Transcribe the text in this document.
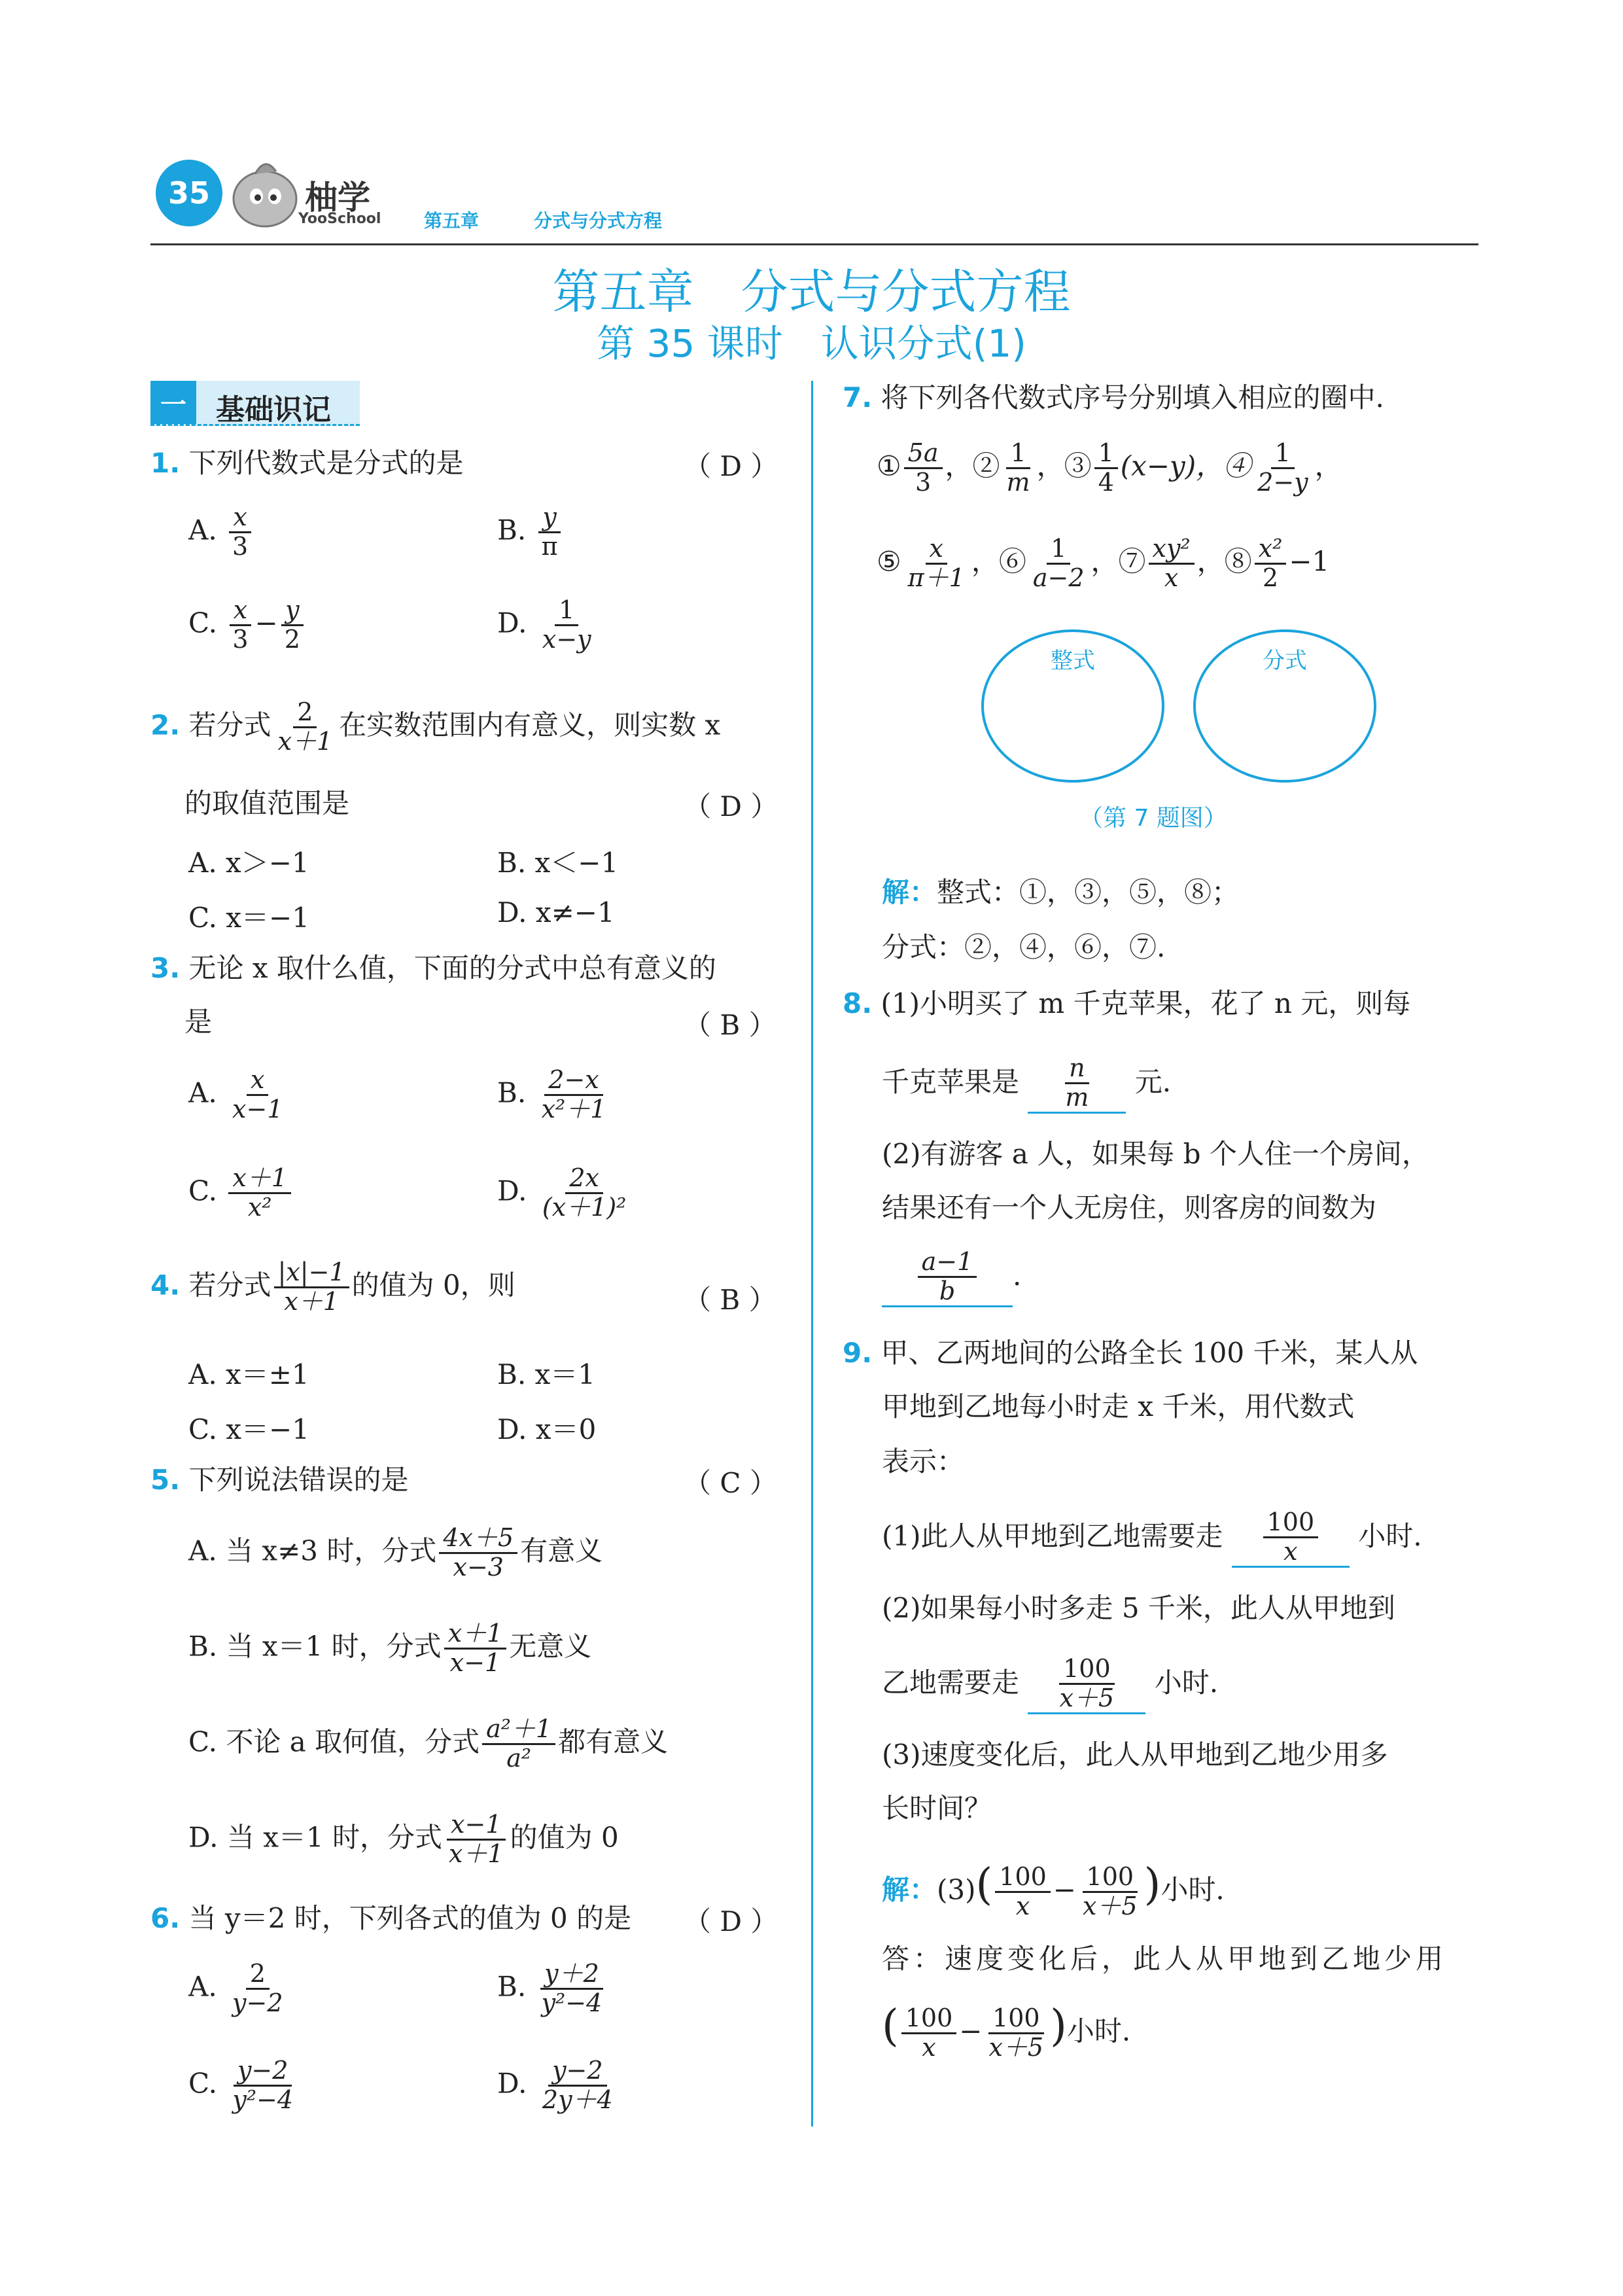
35	柚学
YooSchool 第五章	分式与分式方程
第五章　分式与分式方程
第 35 课时　认识分式(1)
一	基础识记
1. 下列代数式是分式的是	（ D ）
A. $\frac{x}{3}$	B. $\frac{y}{\pi}$
C. $\frac{x}{3} - \frac{y}{2}$	D. $\frac{1}{x-y}$
2. 若分式 $\frac{2}{x+1}$ 在实数范围内有意义，则实数 x
的取值范围是	（ D ）
A. x＞−1	B. x＜−1
C. x＝−1	D. x≠−1
3. 无论 x 取什么值，下面的分式中总有意义的
是	（ B ）
A. $\frac{x}{x-1}$	B. $\frac{2-x}{\text{x²＋1}}$
C. $\frac{x+1}{\text{x²}}$	D. $\frac{2x}{\text{(x＋1)²}}$
4. 若分式 $\frac{|x|-1}{x+1}$ 的值为 0，则	（ B ）
A. x＝±1	B. x＝1
C. x＝−1	D. x＝0
5. 下列说法错误的是	（ C ）
A. 当 x≠3 时，分式 $\frac{4x+5}{x-3}$ 有意义
B. 当 x＝1 时，分式 $\frac{x+1}{x-1}$ 无意义
C. 不论 a 取何值，分式 $\frac{\text{a²＋1}}{\text{a²}}$ 都有意义
D. 当 x＝1 时，分式 $\frac{x-1}{x+1}$ 的值为 0
6. 当 y＝2 时，下列各式的值为 0 的是 （ D ）
A. $\frac{2}{y-2}$	B. $\frac{y+2}{\text{y²−4}}$
C. $\frac{y-2}{\text{y²−4}}$	D. $\frac{y-2}{2y+4}$
7. 将下列各代数式序号分别填入相应的圈中.
① $\frac{5a}{3}$ ，② $\frac{1}{m}$ ，③ $\frac{1}{4} (x-y)$，④ $\frac{1}{2-y}$ ，
⑤ $\frac{x}{\pi+1}$ ，⑥ $\frac{1}{a-2}$ ，⑦ $\frac{\text{xy²}}{x}$ ，⑧ $\frac{\text{x²}}{2} -1$
整式	分式
（第 7 题图）
解：整式：①，③，⑤，⑧；
分式：②，④，⑥，⑦.
8. (1)小明买了 m 千克苹果，花了 n 元，则每
千克苹果是 $\frac{n}{m}$ 元.
(2)有游客 a 人，如果每 b 个人住一个房间，
结果还有一个人无房住，则客房的间数为
$\frac{a-1}{b}$ .
9. 甲、乙两地间的公路全长 100 千米，某人从
甲地到乙地每小时走 x 千米，用代数式
表示：
(1)此人从甲地到乙地需要走 $\frac{100}{x}$ 小时.
(2)如果每小时多走 5 千米，此人从甲地到
乙地需要走 $\frac{100}{x+5}$ 小时.
(3)速度变化后，此人从甲地到乙地少用多
长时间？
解：$(3)( \frac{100}{x} - \frac{100}{x+5}$ )小时.
答：速度变化后，此人从甲地到乙地少用
( $\frac{100}{x} - \frac{100}{x+5}$ )小时.
